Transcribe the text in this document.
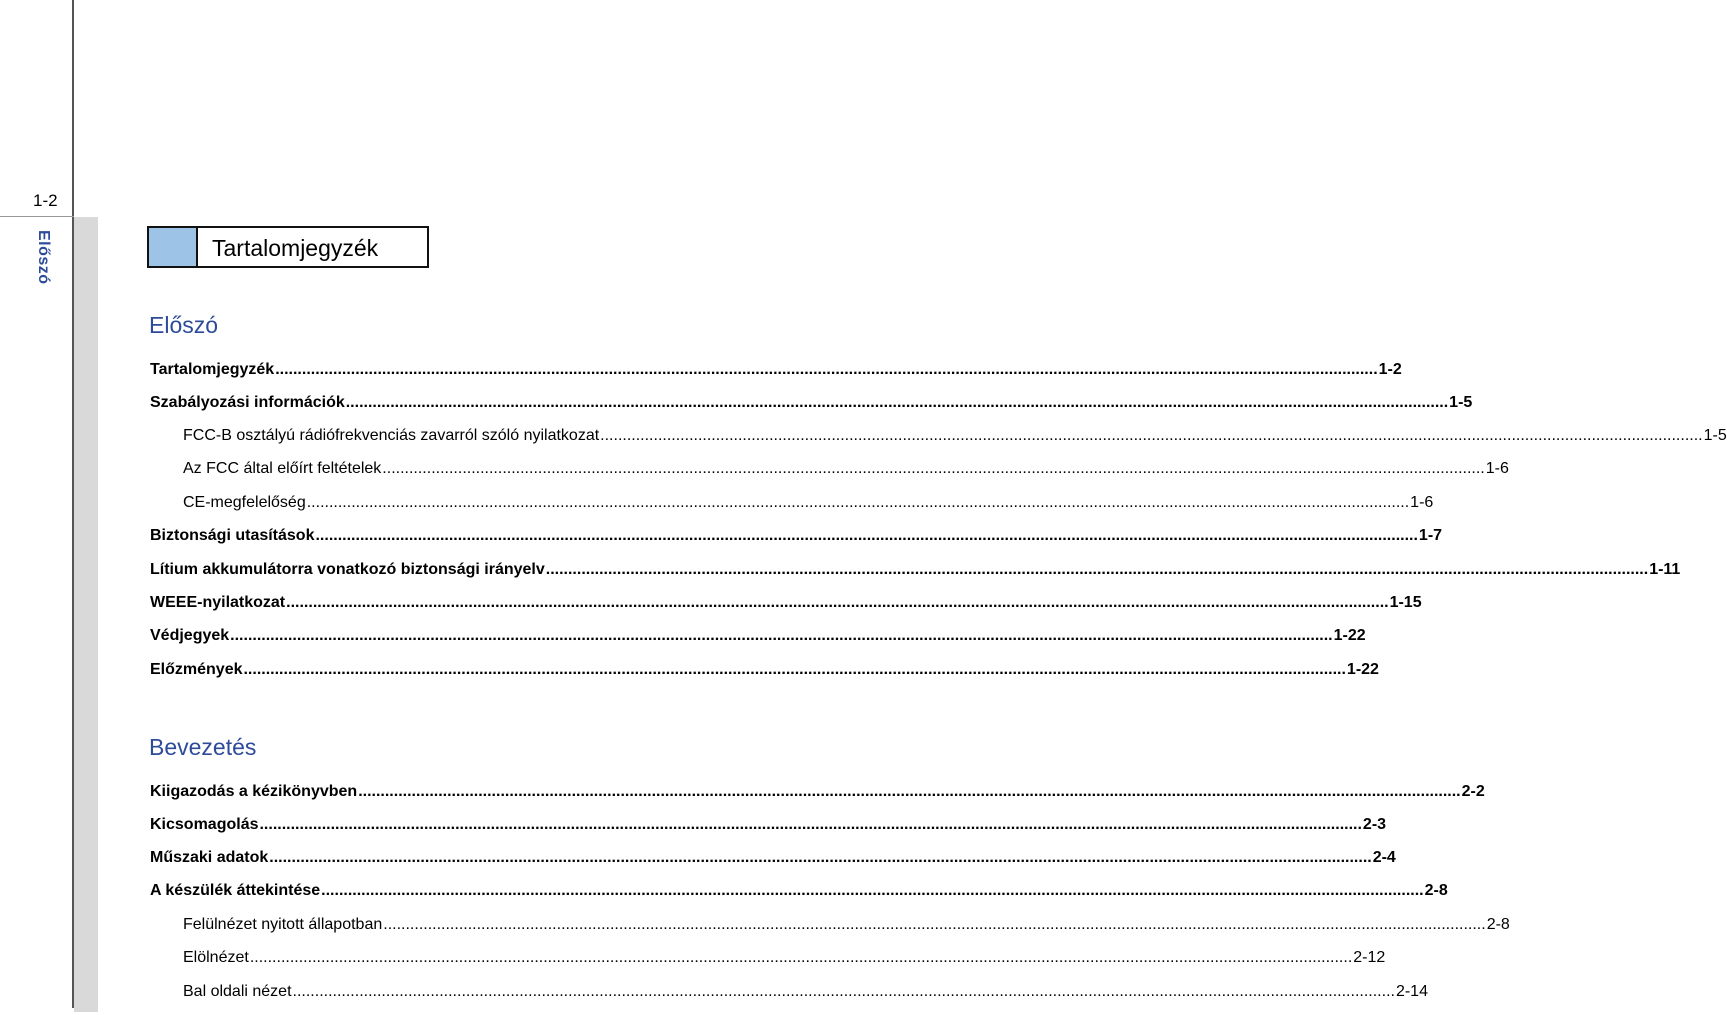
1-2
Előszó	Tartalomjegyzék
Előszó
Tartalomjegyzék .....	1-2
Szabályozási információk .....	1-5
FCC-B osztályú rádiófrekvenciás zavarról szóló nyilatkozat .....	1-5
Az FCC által előírt feltételek .....	1-6
CE-megfelelőség .....	1-6
Biztonsági utasítások .....	1-7
Lítium akkumulátorra vonatkozó biztonsági irányelv .....	1-11
WEEE-nyilatkozat .....	1-15
Védjegyek .....	1-22
Előzmények .....	1-22
Bevezetés
Kiigazodás a kézikönyvben .....	2-2
Kicsomagolás .....	2-3
Műszaki adatok .....	2-4
A készülék áttekintése .....	2-8
Felülnézet nyitott állapotban .....	2-8
Elölnézet .....	2-12
Bal oldali nézet .....	2-14
